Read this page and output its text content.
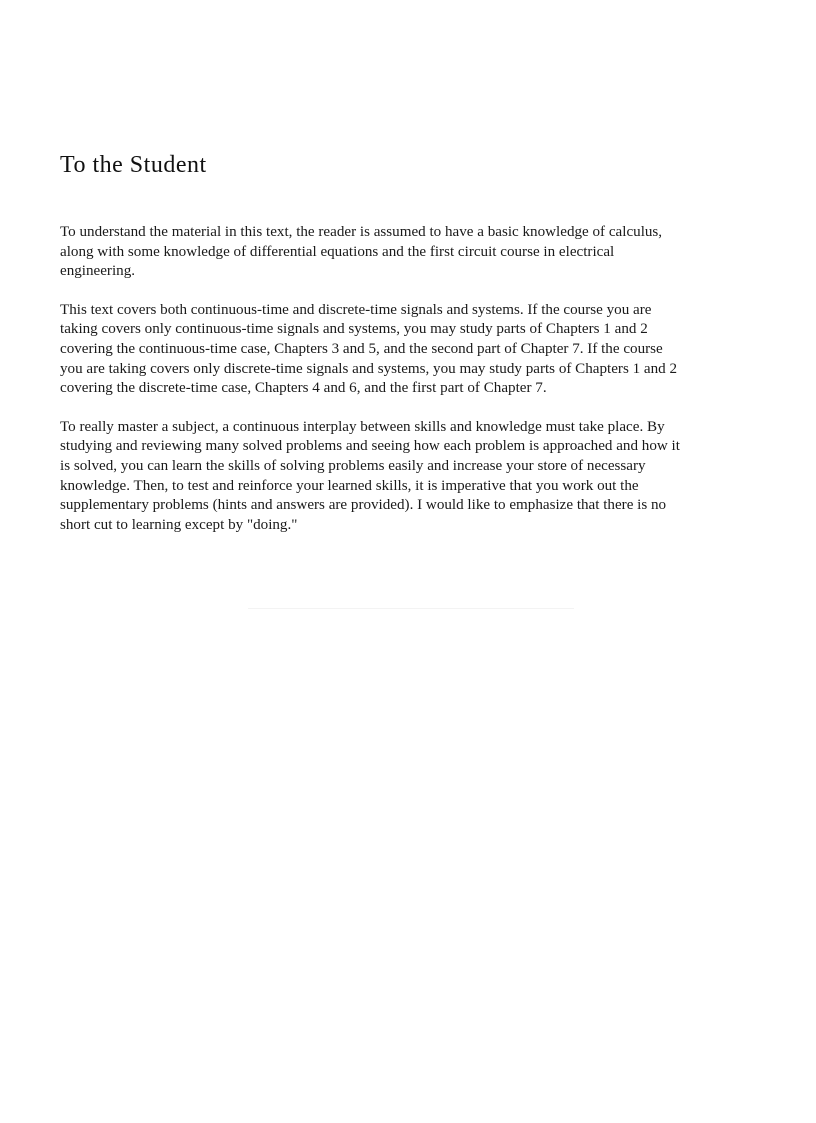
To the Student

To understand the material in this text, the reader is assumed to have a basic knowledge of calculus,
along with some knowledge of differential equations and the first circuit course in electrical
engineering.

This text covers both continuous-time and discrete-time signals and systems. If the course you are
taking covers only continuous-time signals and systems, you may study parts of Chapters 1 and 2
covering the continuous-time case, Chapters 3 and 5, and the second part of Chapter 7. If the course
you are taking covers only discrete-time signals and systems, you may study parts of Chapters 1 and 2
covering the discrete-time case, Chapters 4 and 6, and the first part of Chapter 7.

To really master a subject, a continuous interplay between skills and knowledge must take place. By
studying and reviewing many solved problems and seeing how each problem is approached and how it
is solved, you can learn the skills of solving problems easily and increase your store of necessary
knowledge. Then, to test and reinforce your learned skills, it is imperative that you work out the
supplementary problems (hints and answers are provided). I would like to emphasize that there is no
short cut to learning except by "doing."
